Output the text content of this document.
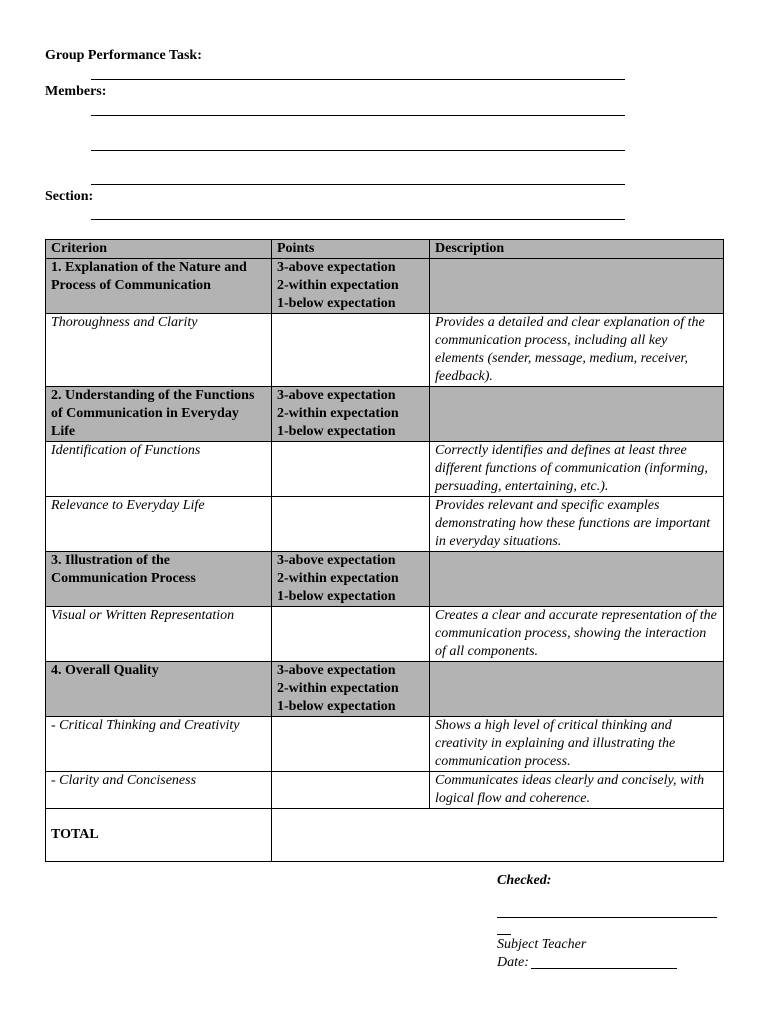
Group Performance Task:
Members:
Section:
Criterion	Points	Description
1. Explanation of the Nature and Process of Communication	3-above expectation
2-within expectation
1-below expectation	

Thoroughness and Clarity		Provides a detailed and clear explanation of the communication process, including all key elements (sender, message, medium, receiver, feedback).
2. Understanding of the Functions of Communication in Everyday Life	3-above expectation
2-within expectation
1-below expectation	

Identification of Functions		Correctly identifies and defines at least three different functions of communication (informing, persuading, entertaining, etc.).
Relevance to Everyday Life		Provides relevant and specific examples demonstrating how these functions are important in everyday situations.
3. Illustration of the Communication Process	3-above expectation
2-within expectation
1-below expectation	

Visual or Written Representation		Creates a clear and accurate representation of the communication process, showing the interaction of all components.
4. Overall Quality	3-above expectation
2-within expectation
1-below expectation	

- Critical Thinking and Creativity		Shows a high level of critical thinking and creativity in explaining and illustrating the communication process.
- Clarity and Conciseness		Communicates ideas clearly and concisely, with logical flow and coherence.
TOTAL		
Checked:
Subject Teacher
Date:
